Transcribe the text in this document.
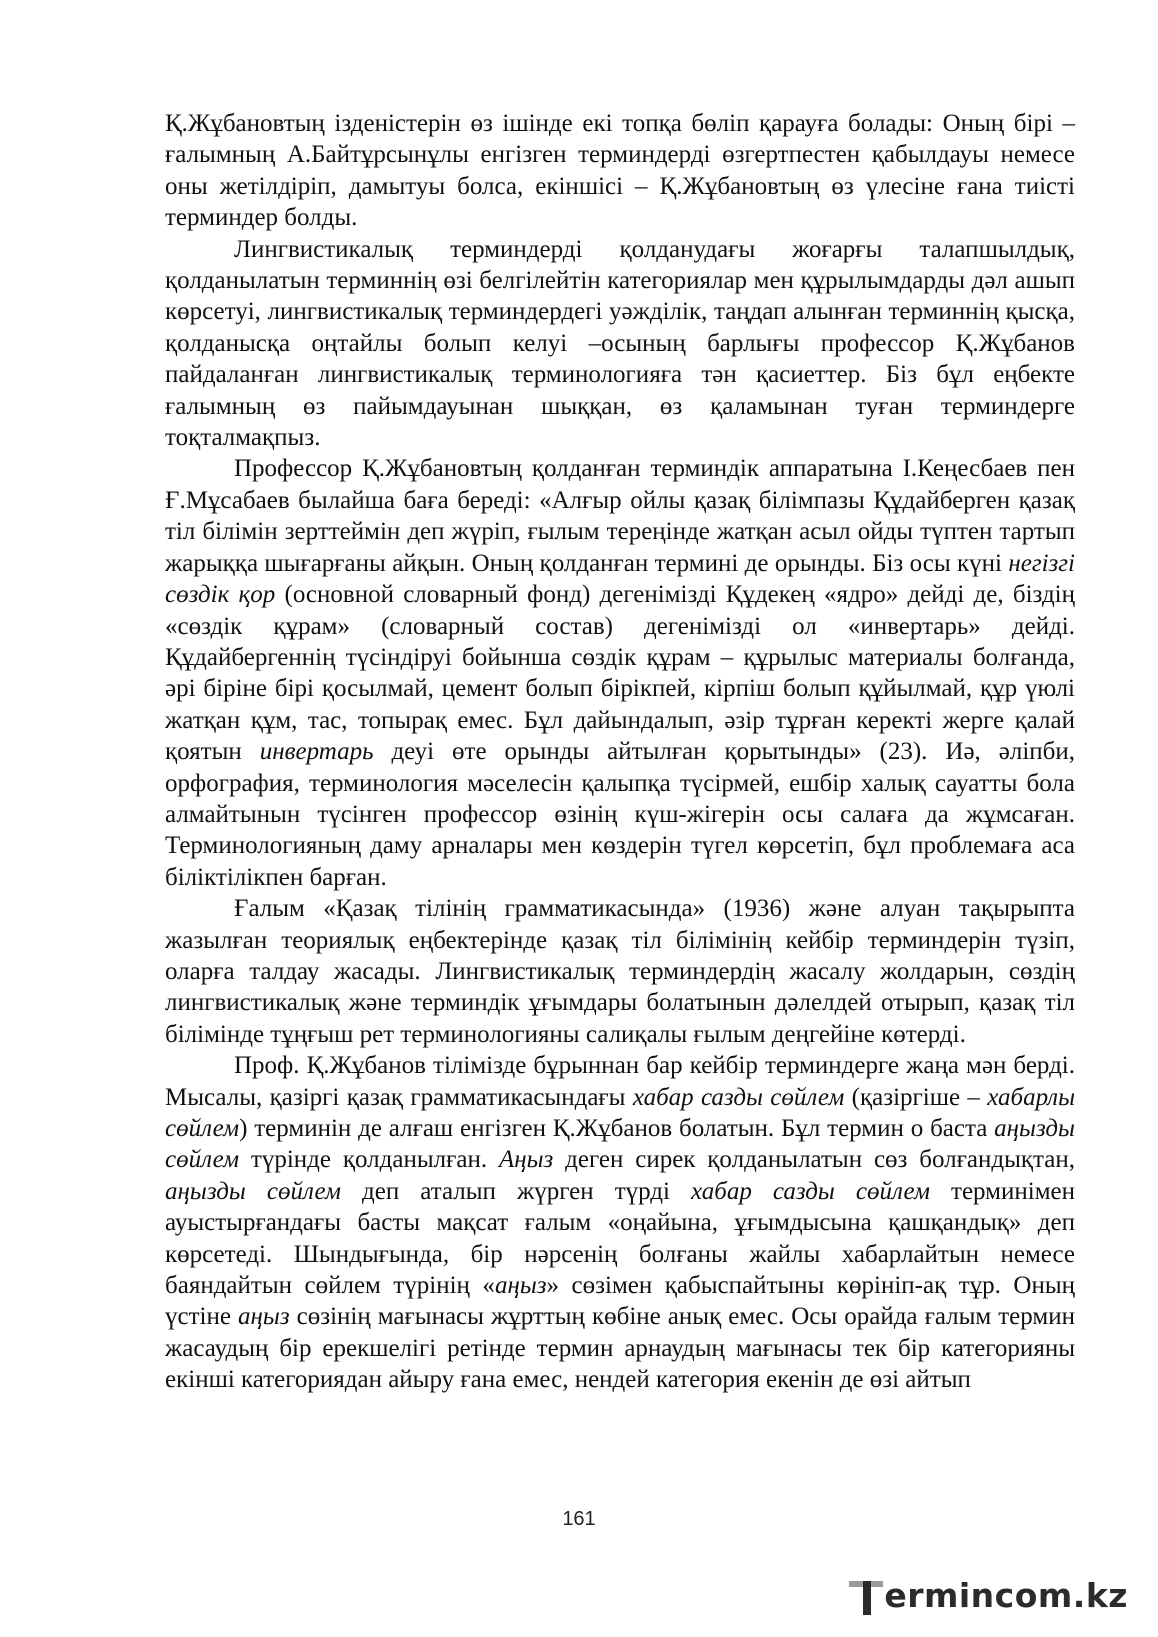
Қ.Жұбановтың ізденістерін өз ішінде екі топқа бөліп қарауға болады: Оның бірі – ғалымның А.Байтұрсынұлы енгізген терминдерді өзгертпестен қабылдауы немесе оны жетілдіріп, дамытуы болса, екіншісі – Қ.Жұбановтың өз үлесіне ғана тиісті терминдер болды.

Лингвистикалық терминдерді қолданудағы жоғарғы талапшылдық, қолданылатын терминнің өзі белгілейтін категориялар мен құрылымдарды дәл ашып көрсетуі, лингвистикалық терминдердегі уәжділік, таңдап алынған терминнің қысқа, қолданысқа оңтайлы болып келуі –осының барлығы профессор Қ.Жұбанов пайдаланған лингвистикалық терминологияға тән қасиеттер. Біз бұл еңбекте ғалымның өз пайымдауынан шыққан, өз қаламынан туған терминдерге тоқталмақпыз.

Профессор Қ.Жұбановтың қолданған терминдік аппаратына І.Кеңесбаев пен Ғ.Мұсабаев былайша баға береді: «Алғыр ойлы қазақ білімпазы Құдайберген қазақ тіл білімін зерттеймін деп жүріп, ғылым тереңінде жатқан асыл ойды түптен тартып жарыққа шығарғаны айқын. Оның қолданған термині де орынды. Біз осы күні негізгі сөздік қор (основной словарный фонд) дегенімізді Құдекең «ядро» дейді де, біздің «сөздік құрам» (словарный состав) дегенімізді ол «инвертарь» дейді. Құдайбергеннің түсіндіруі бойынша сөздік құрам – құрылыс материалы болғанда, әрі біріне бірі қосылмай, цемент болып бірікпей, кірпіш болып құйылмай, құр үюлі жатқан құм, тас, топырақ емес. Бұл дайындалып, әзір тұрған керекті жерге қалай қоятын инвертарь деуі өте орынды айтылған қорытынды» (23). Иә, әліпби, орфография, терминология мәселесін қалыпқа түсірмей, ешбір халық сауатты бола алмайтынын түсінген профессор өзінің күш-жігерін осы салаға да жұмсаған. Терминологияның даму арналары мен көздерін түгел көрсетіп, бұл проблемаға аса біліктілікпен барған.

Ғалым «Қазақ тілінің грамматикасында» (1936) және алуан тақырыпта жазылған теориялық еңбектерінде қазақ тіл білімінің кейбір терминдерін түзіп, оларға талдау жасады. Лингвистикалық терминдердің жасалу жолдарын, сөздің лингвистикалық және терминдік ұғымдары болатынын дәлелдей отырып, қазақ тіл білімінде тұңғыш рет терминологияны салиқалы ғылым деңгейіне көтерді.

Проф. Қ.Жұбанов тілімізде бұрыннан бар кейбір терминдерге жаңа мән берді. Мысалы, қазіргі қазақ грамматикасындағы хабар сазды сөйлем (қазіргіше – хабарлы сөйлем) терминін де алғаш енгізген Қ.Жұбанов болатын. Бұл термин о баста аңызды сөйлем түрінде қолданылған. Аңыз деген сирек қолданылатын сөз болғандықтан, аңызды сөйлем деп аталып жүрген түрді хабар сазды сөйлем терминімен ауыстырғандағы басты мақсат ғалым «оңайына, ұғымдысына қашқандық» деп көрсетеді. Шындығында, бір нәрсенің болғаны жайлы хабарлайтын немесе баяндайтын сөйлем түрінің «аңыз» сөзімен қабыспайтыны көрініп-ақ тұр. Оның үстіне аңыз сөзінің мағынасы жұрттың көбіне анық емес. Осы орайда ғалым термин жасаудың бір ерекшелігі ретінде термин арнаудың мағынасы тек бір категорияны екінші категориядан айыру ғана емес, нендей категория екенін де өзі айтып

161
erminc o m.kz
